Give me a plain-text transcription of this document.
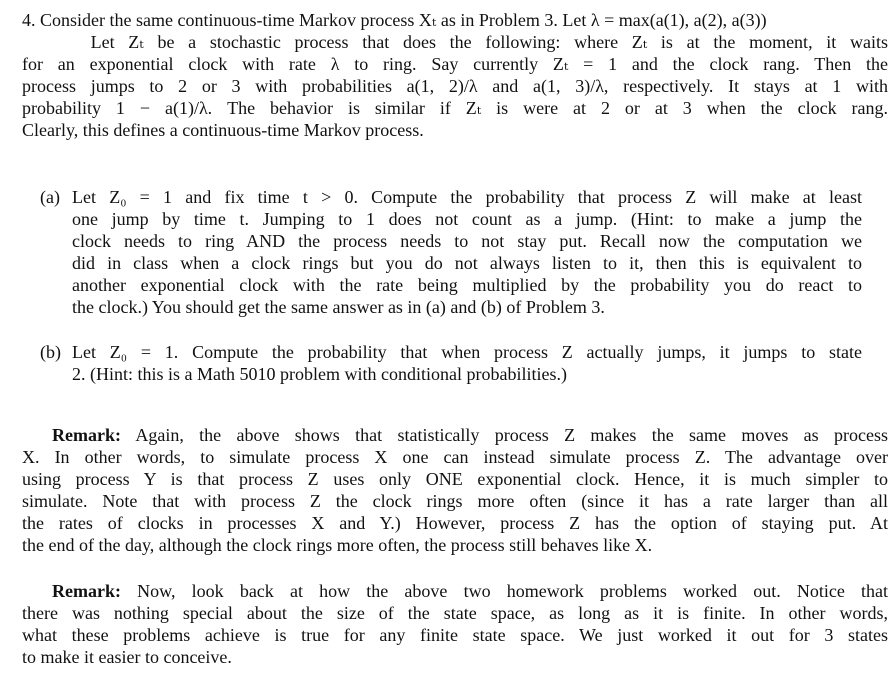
4. Consider the same continuous-time Markov process Xₜ as in Problem 3. Let λ = max(a(1), a(2), a(3))
Let Zₜ be a stochastic process that does the following: where Zₜ is at the moment, it waits
for an exponential clock with rate λ to ring. Say currently Zₜ = 1 and the clock rang. Then the
process jumps to 2 or 3 with probabilities a(1, 2)/λ and a(1, 3)/λ, respectively. It stays at 1 with
probability 1 − a(1)/λ. The behavior is similar if Zₜ is were at 2 or at 3 when the clock rang.
Clearly, this defines a continuous-time Markov process.
(a) Let Z₀ = 1 and fix time t > 0. Compute the probability that process Z will make at least
one jump by time t. Jumping to 1 does not count as a jump. (Hint: to make a jump the
clock needs to ring AND the process needs to not stay put. Recall now the computation we
did in class when a clock rings but you do not always listen to it, then this is equivalent to
another exponential clock with the rate being multiplied by the probability you do react to
the clock.) You should get the same answer as in (a) and (b) of Problem 3.
(b) Let Z₀ = 1. Compute the probability that when process Z actually jumps, it jumps to state
2. (Hint: this is a Math 5010 problem with conditional probabilities.)
Remark: Again, the above shows that statistically process Z makes the same moves as process
X. In other words, to simulate process X one can instead simulate process Z. The advantage over
using process Y is that process Z uses only ONE exponential clock. Hence, it is much simpler to
simulate. Note that with process Z the clock rings more often (since it has a rate larger than all
the rates of clocks in processes X and Y.) However, process Z has the option of staying put. At
the end of the day, although the clock rings more often, the process still behaves like X.
Remark: Now, look back at how the above two homework problems worked out. Notice that
there was nothing special about the size of the state space, as long as it is finite. In other words,
what these problems achieve is true for any finite state space. We just worked it out for 3 states
to make it easier to conceive.
